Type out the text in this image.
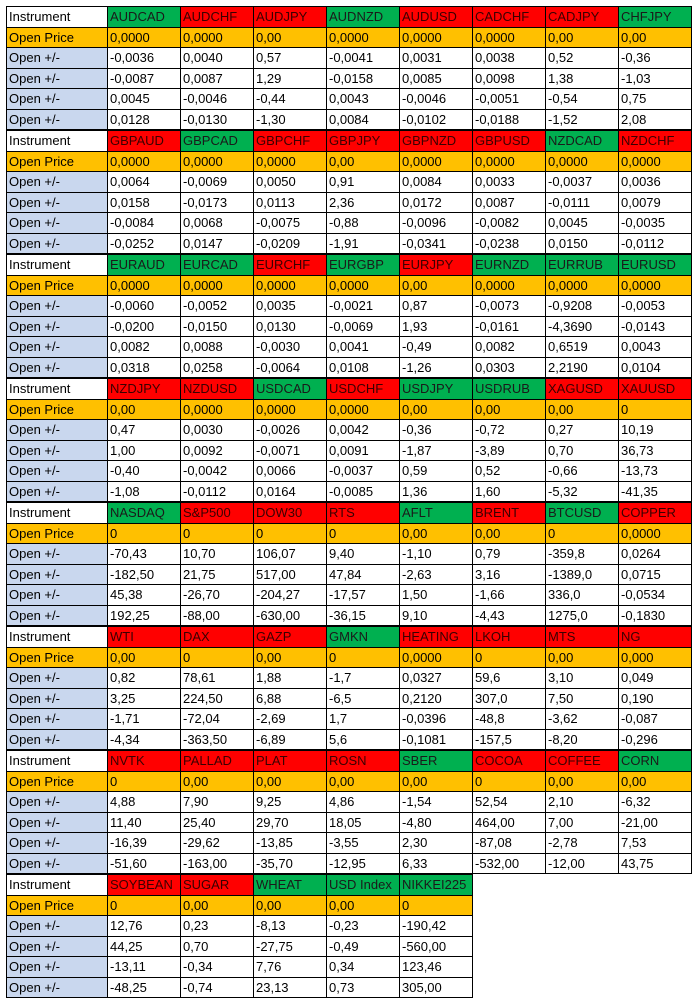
Instrument	AUDCAD	AUDCHF	AUDJPY	AUDNZD	AUDUSD	CADCHF	CADJPY	CHFJPY
Open Price	0,0000	0,0000	0,00	0,0000	0,0000	0,0000	0,00	0,00
Open +/-	-0,0036	0,0040	0,57	-0,0041	0,0031	0,0038	0,52	-0,36
Open +/-	-0,0087	0,0087	1,29	-0,0158	0,0085	0,0098	1,38	-1,03
Open +/-	0,0045	-0,0046	-0,44	0,0043	-0,0046	-0,0051	-0,54	0,75
Open +/-	0,0128	-0,0130	-1,30	0,0084	-0,0102	-0,0188	-1,52	2,08
Instrument	GBPAUD	GBPCAD	GBPCHF	GBPJPY	GBPNZD	GBPUSD	NZDCAD	NZDCHF
Open Price	0,0000	0,0000	0,0000	0,00	0,0000	0,0000	0,0000	0,0000
Open +/-	0,0064	-0,0069	0,0050	0,91	0,0084	0,0033	-0,0037	0,0036
Open +/-	0,0158	-0,0173	0,0113	2,36	0,0172	0,0087	-0,0111	0,0079
Open +/-	-0,0084	0,0068	-0,0075	-0,88	-0,0096	-0,0082	0,0045	-0,0035
Open +/-	-0,0252	0,0147	-0,0209	-1,91	-0,0341	-0,0238	0,0150	-0,0112
Instrument	EURAUD	EURCAD	EURCHF	EURGBP	EURJPY	EURNZD	EURRUB	EURUSD
Open Price	0,0000	0,0000	0,0000	0,0000	0,00	0,0000	0,0000	0,0000
Open +/-	-0,0060	-0,0052	0,0035	-0,0021	0,87	-0,0073	-0,9208	-0,0053
Open +/-	-0,0200	-0,0150	0,0130	-0,0069	1,93	-0,0161	-4,3690	-0,0143
Open +/-	0,0082	0,0088	-0,0030	0,0041	-0,49	0,0082	0,6519	0,0043
Open +/-	0,0318	0,0258	-0,0064	0,0108	-1,26	0,0303	2,2190	0,0104
Instrument	NZDJPY	NZDUSD	USDCAD	USDCHF	USDJPY	USDRUB	XAGUSD	XAUUSD
Open Price	0,00	0,0000	0,0000	0,0000	0,00	0,00	0,00	0
Open +/-	0,47	0,0030	-0,0026	0,0042	-0,36	-0,72	0,27	10,19
Open +/-	1,00	0,0092	-0,0071	0,0091	-1,87	-3,89	0,70	36,73
Open +/-	-0,40	-0,0042	0,0066	-0,0037	0,59	0,52	-0,66	-13,73
Open +/-	-1,08	-0,0112	0,0164	-0,0085	1,36	1,60	-5,32	-41,35
Instrument	NASDAQ	S&P500	DOW30	RTS	AFLT	BRENT	BTCUSD	COPPER
Open Price	0	0	0	0	0,00	0,00	0	0,0000
Open +/-	-70,43	10,70	106,07	9,40	-1,10	0,79	-359,8	0,0264
Open +/-	-182,50	21,75	517,00	47,84	-2,63	3,16	-1389,0	0,0715
Open +/-	45,38	-26,70	-204,27	-17,57	1,50	-1,66	336,0	-0,0534
Open +/-	192,25	-88,00	-630,00	-36,15	9,10	-4,43	1275,0	-0,1830
Instrument	WTI	DAX	GAZP	GMKN	HEATING	LKOH	MTS	NG
Open Price	0,00	0	0,00	0	0,0000	0	0,00	0,000
Open +/-	0,82	78,61	1,88	-1,7	0,0327	59,6	3,10	0,049
Open +/-	3,25	224,50	6,88	-6,5	0,2120	307,0	7,50	0,190
Open +/-	-1,71	-72,04	-2,69	1,7	-0,0396	-48,8	-3,62	-0,087
Open +/-	-4,34	-363,50	-6,89	5,6	-0,1081	-157,5	-8,20	-0,296
Instrument	NVTK	PALLAD	PLAT	ROSN	SBER	COCOA	COFFEE	CORN
Open Price	0	0,00	0,00	0,00	0,00	0	0,00	0,00
Open +/-	4,88	7,90	9,25	4,86	-1,54	52,54	2,10	-6,32
Open +/-	11,40	25,40	29,70	18,05	-4,80	464,00	7,00	-21,00
Open +/-	-16,39	-29,62	-13,85	-3,55	2,30	-87,08	-2,78	7,53
Open +/-	-51,60	-163,00	-35,70	-12,95	6,33	-532,00	-12,00	43,75
Instrument	SOYBEAN	SUGAR	WHEAT	USD Index	NIKKEI225			
Open Price	0	0,00	0,00	0,00	0			
Open +/-	12,76	0,23	-8,13	-0,23	-190,42			
Open +/-	44,25	0,70	-27,75	-0,49	-560,00			
Open +/-	-13,11	-0,34	7,76	0,34	123,46			
Open +/-	-48,25	-0,74	23,13	0,73	305,00			
